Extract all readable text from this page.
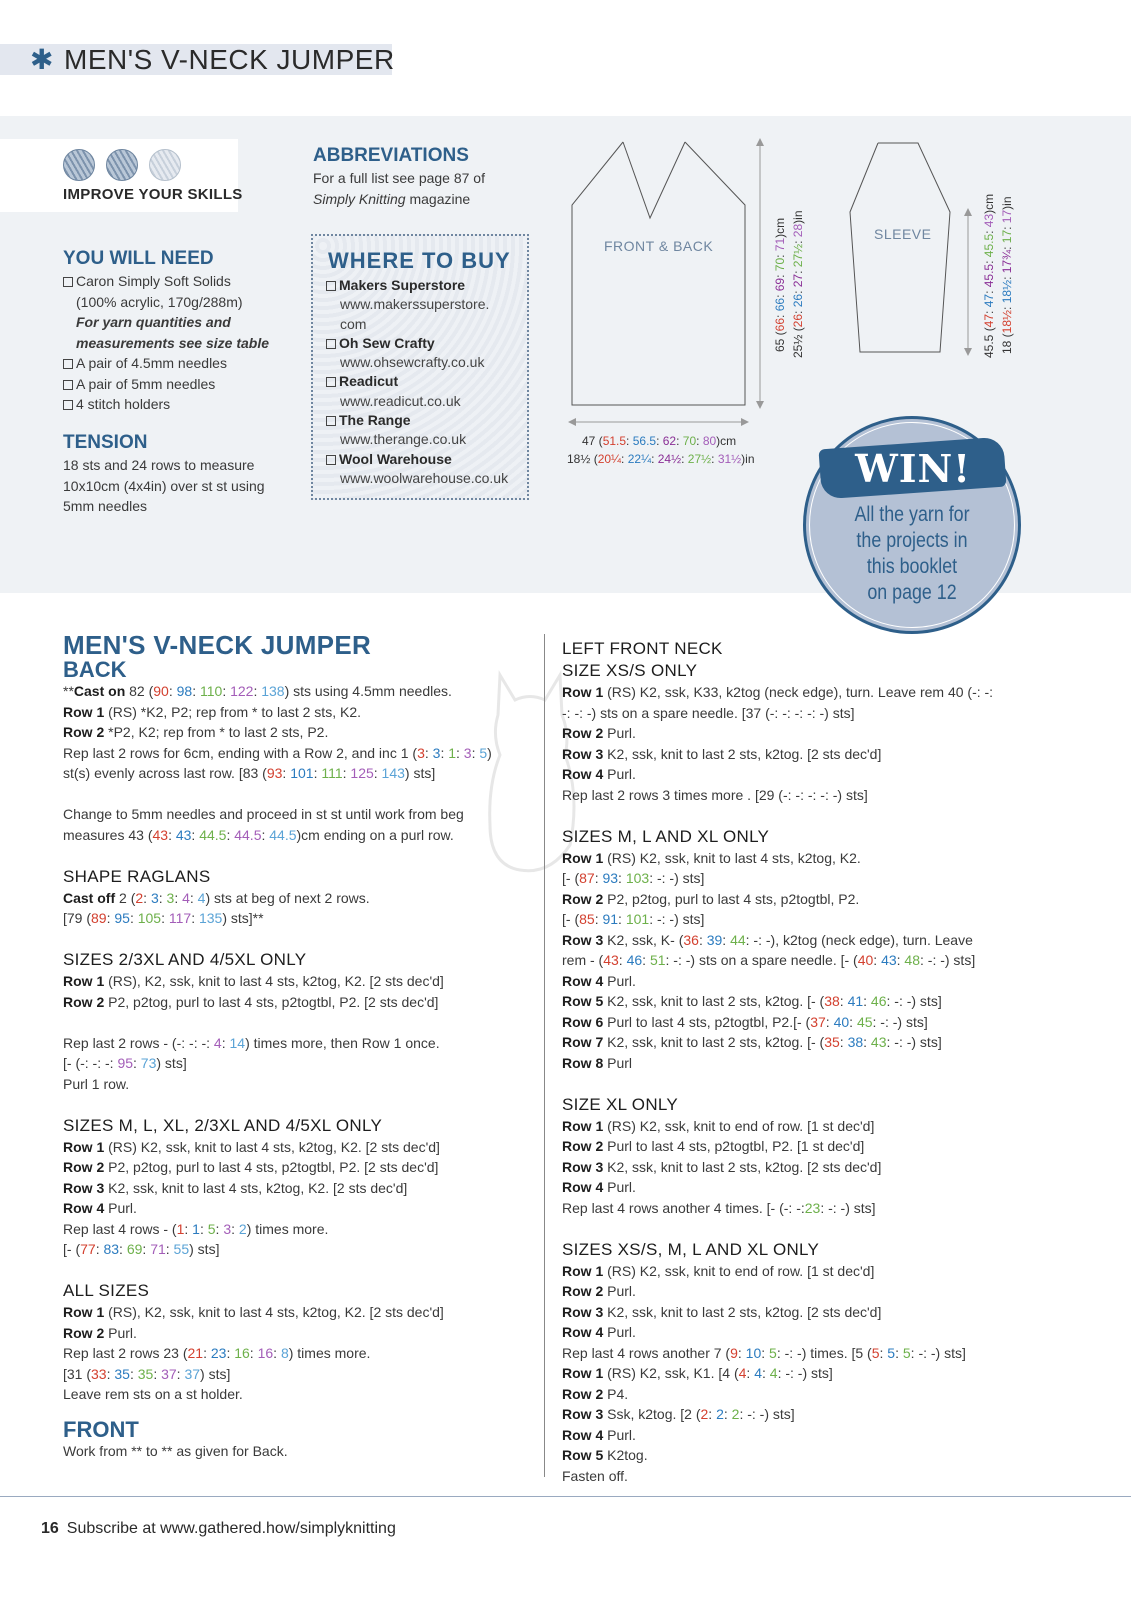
✱ MEN'S V-NECK JUMPER
IMPROVE YOUR SKILLS
YOU WILL NEED
Caron Simply Soft Solids
(100% acrylic, 170g/288m)
For yarn quantities and
measurements see size table
A pair of 4.5mm needles
A pair of 5mm needles
4 stitch holders
TENSION
18 sts and 24 rows to measure
10x10cm (4x4in) over st st using
5mm needles
ABBREVIATIONS
For a full list see page 87 of
Simply Knitting magazine
WHERE TO BUY
Makers Superstore
www.makerssuperstore.
com
Oh Sew Crafty
www.ohsewcrafty.co.uk
Readicut
www.readicut.co.uk
The Range
www.therange.co.uk
Wool Warehouse
www.woolwarehouse.co.uk
FRONT & BACK
SLEEVE
65 (66: 66: 69: 70: 71)cm
25½ (26: 26: 27: 27½: 28)in
45.5 (47: 47: 45.5: 45.5: 43)cm
18 (18½: 18½: 17¾: 17: 17)in
47 (51.5: 56.5: 62: 70: 80)cm
18½ (20¼: 22¼: 24½: 27½: 31½)in	WIN!
All the yarn for
the projects in
this booklet
on page 12
MEN'S V-NECK JUMPER
BACK
**Cast on 82 (90: 98: 110: 122: 138) sts using 4.5mm needles.
Row 1 (RS) *K2, P2; rep from * to last 2 sts, K2.
Row 2 *P2, K2; rep from * to last 2 sts, P2.
Rep last 2 rows for 6cm, ending with a Row 2, and inc 1 (3: 3: 1: 3: 5)
st(s) evenly across last row. [83 (93: 101: 111: 125: 143) sts]
Change to 5mm needles and proceed in st st until work from beg
measures 43 (43: 43: 44.5: 44.5: 44.5)cm ending on a purl row.
SHAPE RAGLANS
Cast off 2 (2: 3: 3: 4: 4) sts at beg of next 2 rows.
[79 (89: 95: 105: 117: 135) sts]**
SIZES 2/3XL AND 4/5XL ONLY
Row 1 (RS), K2, ssk, knit to last 4 sts, k2tog, K2. [2 sts dec'd]
Row 2 P2, p2tog, purl to last 4 sts, p2togtbl, P2. [2 sts dec'd]
Rep last 2 rows - (-: -: -: 4: 14) times more, then Row 1 once.
[- (-: -: -: 95: 73) sts]
Purl 1 row.
SIZES M, L, XL, 2/3XL AND 4/5XL ONLY
Row 1 (RS) K2, ssk, knit to last 4 sts, k2tog, K2. [2 sts dec'd]
Row 2 P2, p2tog, purl to last 4 sts, p2togtbl, P2. [2 sts dec'd]
Row 3 K2, ssk, knit to last 4 sts, k2tog, K2. [2 sts dec'd]
Row 4 Purl.
Rep last 4 rows - (1: 1: 5: 3: 2) times more.
[- (77: 83: 69: 71: 55) sts]
ALL SIZES
Row 1 (RS), K2, ssk, knit to last 4 sts, k2tog, K2. [2 sts dec'd]
Row 2 Purl.
Rep last 2 rows 23 (21: 23: 16: 16: 8) times more.
[31 (33: 35: 35: 37: 37) sts]
Leave rem sts on a st holder.
FRONT
Work from ** to ** as given for Back.
LEFT FRONT NECK
SIZE XS/S ONLY
Row 1 (RS) K2, ssk, K33, k2tog (neck edge), turn. Leave rem 40 (-: -:
-: -: -) sts on a spare needle. [37 (-: -: -: -: -) sts]
Row 2 Purl.
Row 3 K2, ssk, knit to last 2 sts, k2tog. [2 sts dec'd]
Row 4 Purl.
Rep last 2 rows 3 times more . [29 (-: -: -: -: -) sts]
SIZES M, L AND XL ONLY
Row 1 (RS) K2, ssk, knit to last 4 sts, k2tog, K2.
[- (87: 93: 103: -: -) sts]
Row 2 P2, p2tog, purl to last 4 sts, p2togtbl, P2.
[- (85: 91: 101: -: -) sts]
Row 3 K2, ssk, K- (36: 39: 44: -: -), k2tog (neck edge), turn. Leave
rem - (43: 46: 51: -: -) sts on a spare needle. [- (40: 43: 48: -: -) sts]
Row 4 Purl.
Row 5 K2, ssk, knit to last 2 sts, k2tog. [- (38: 41: 46: -: -) sts]
Row 6 Purl to last 4 sts, p2togtbl, P2.[- (37: 40: 45: -: -) sts]
Row 7 K2, ssk, knit to last 2 sts, k2tog. [- (35: 38: 43: -: -) sts]
Row 8 Purl
SIZE XL ONLY
Row 1 (RS) K2, ssk, knit to end of row. [1 st dec'd]
Row 2 Purl to last 4 sts, p2togtbl, P2. [1 st dec'd]
Row 3 K2, ssk, knit to last 2 sts, k2tog. [2 sts dec'd]
Row 4 Purl.
Rep last 4 rows another 4 times. [- (-: -:23: -: -) sts]
SIZES XS/S, M, L AND XL ONLY
Row 1 (RS) K2, ssk, knit to end of row. [1 st dec'd]
Row 2 Purl.
Row 3 K2, ssk, knit to last 2 sts, k2tog. [2 sts dec'd]
Row 4 Purl.
Rep last 4 rows another 7 (9: 10: 5: -: -) times. [5 (5: 5: 5: -: -) sts]
Row 1 (RS) K2, ssk, K1. [4 (4: 4: 4: -: -) sts]
Row 2 P4.
Row 3 Ssk, k2tog. [2 (2: 2: 2: -: -) sts]
Row 4 Purl.
Row 5 K2tog.
Fasten off.
16 Subscribe at www.gathered.how/simplyknitting
